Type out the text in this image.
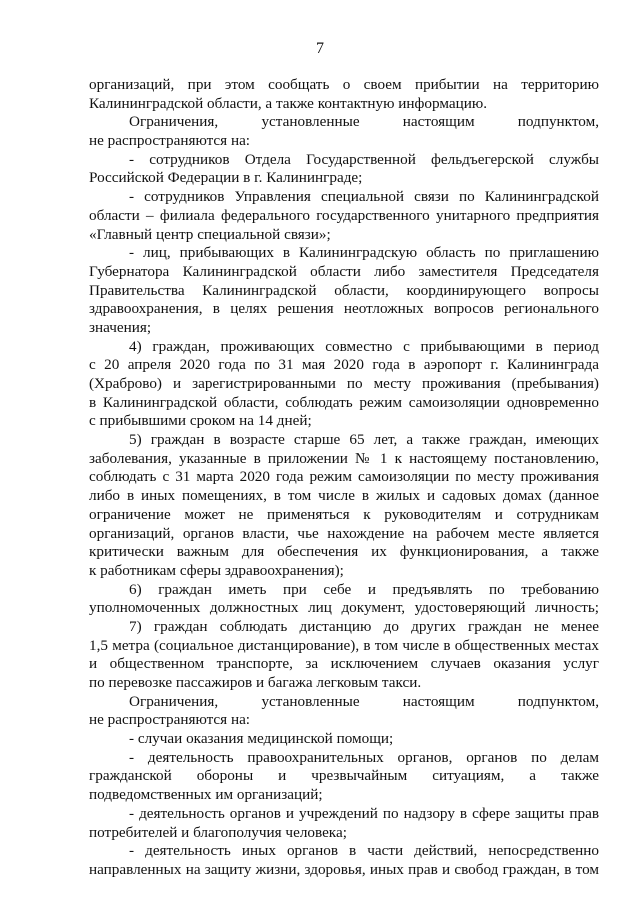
7
организаций, при этом сообщать о своем прибытии на территорию
Калининградской области, а также контактную информацию.
Ограничения, установленные настоящим подпунктом,
не распространяются на:
- сотрудников Отдела Государственной фельдъегерской службы
Российской Федерации в г. Калининграде;
- сотрудников Управления специальной связи по Калининградской
области – филиала федерального государственного унитарного предприятия
«Главный центр специальной связи»;
- лиц, прибывающих в Калининградскую область по приглашению
Губернатора Калининградской области либо заместителя Председателя
Правительства Калининградской области, координирующего вопросы
здравоохранения, в целях решения неотложных вопросов регионального
значения;
4) граждан, проживающих совместно с прибывающими в период
с 20 апреля 2020 года по 31 мая 2020 года в аэропорт г. Калининграда
(Храброво) и зарегистрированными по месту проживания (пребывания)
в Калининградской области, соблюдать режим самоизоляции одновременно
с прибывшими сроком на 14 дней;
5) граждан в возрасте старше 65 лет, а также граждан, имеющих
заболевания, указанные в приложении № 1 к настоящему постановлению,
соблюдать с 31 марта 2020 года режим самоизоляции по месту проживания
либо в иных помещениях, в том числе в жилых и садовых домах (данное
ограничение может не применяться к руководителям и сотрудникам
организаций, органов власти, чье нахождение на рабочем месте является
критически важным для обеспечения их функционирования, а также
к работникам сферы здравоохранения);
6) граждан иметь при себе и предъявлять по требованию
уполномоченных должностных лиц документ, удостоверяющий личность;
7) граждан соблюдать дистанцию до других граждан не менее
1,5 метра (социальное дистанцирование), в том числе в общественных местах
и общественном транспорте, за исключением случаев оказания услуг
по перевозке пассажиров и багажа легковым такси.
Ограничения, установленные настоящим подпунктом,
не распространяются на:
- случаи оказания медицинской помощи;
- деятельность правоохранительных органов, органов по делам
гражданской обороны и чрезвычайным ситуациям, а также
подведомственных им организаций;
- деятельность органов и учреждений по надзору в сфере защиты прав
потребителей и благополучия человека;
- деятельность иных органов в части действий, непосредственно
направленных на защиту жизни, здоровья, иных прав и свобод граждан, в том
